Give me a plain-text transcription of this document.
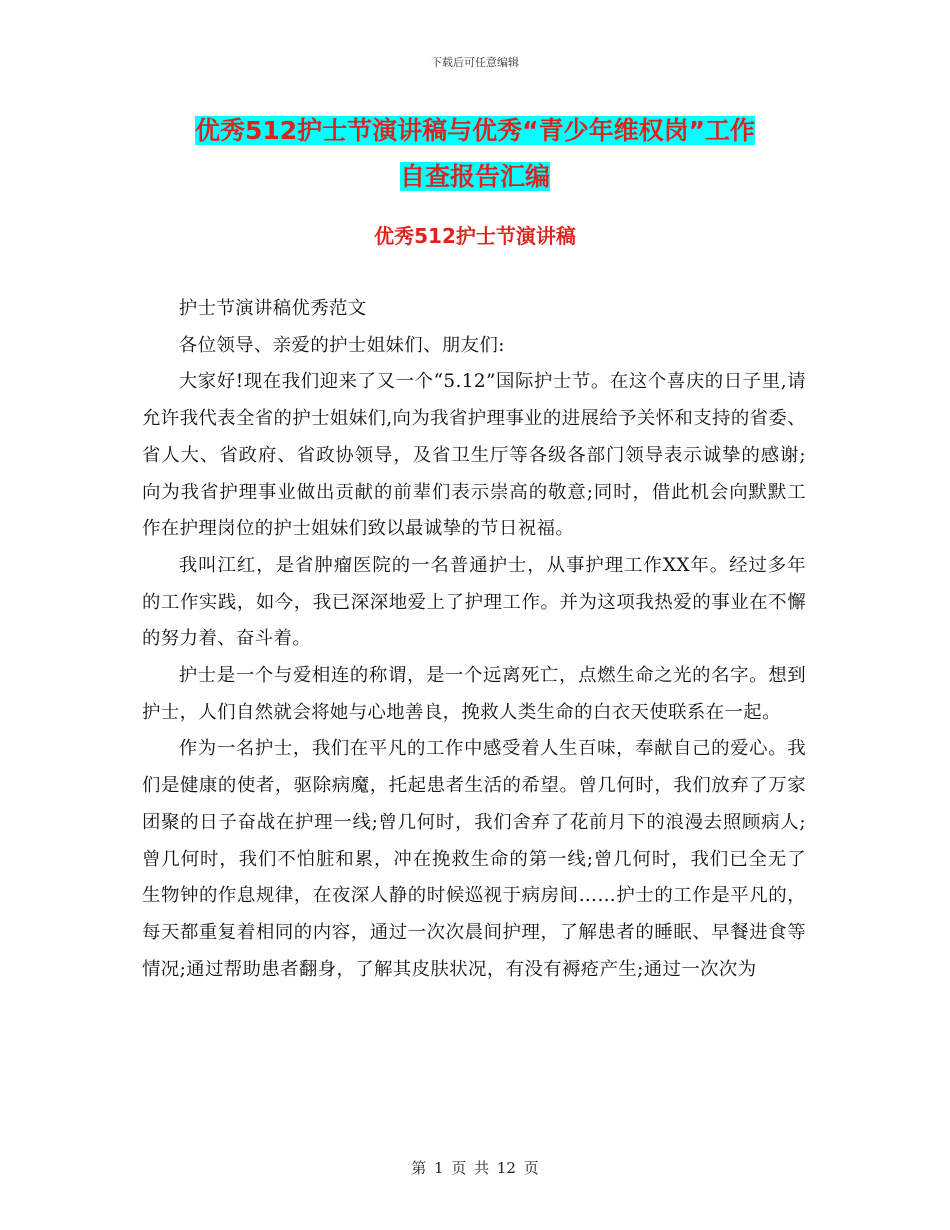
下载后可任意编辑
优秀512护士节演讲稿与优秀“青少年维权岗”工作
自查报告汇编
优秀512护士节演讲稿

护士节演讲稿优秀范文

各位领导、亲爱的护士姐妹们、朋友们:

大家好!现在我们迎来了又一个“5.12”国际护士节。在这个喜庆的日子里,请允许我代表全省的护士姐妹们,向为我省护理事业的进展给予关怀和支持的省委、省人大、省政府、省政协领导，及省卫生厅等各级各部门领导表示诚挚的感谢;向为我省护理事业做出贡献的前辈们表示崇高的敬意;同时，借此机会向默默工作在护理岗位的护士姐妹们致以最诚挚的节日祝福。

我叫江红，是省肿瘤医院的一名普通护士，从事护理工作XX年。经过多年的工作实践，如今，我已深深地爱上了护理工作。并为这项我热爱的事业在不懈的努力着、奋斗着。

护士是一个与爱相连的称谓，是一个远离死亡，点燃生命之光的名字。想到护士，人们自然就会将她与心地善良，挽救人类生命的白衣天使联系在一起。

作为一名护士，我们在平凡的工作中感受着人生百味，奉献自己的爱心。我们是健康的使者，驱除病魔，托起患者生活的希望。曾几何时，我们放弃了万家团聚的日子奋战在护理一线;曾几何时，我们舍弃了花前月下的浪漫去照顾病人;曾几何时，我们不怕脏和累，冲在挽救生命的第一线;曾几何时，我们已全无了生物钟的作息规律，在夜深人静的时候巡视于病房间……护士的工作是平凡的，每天都重复着相同的内容，通过一次次晨间护理，了解患者的睡眠、早餐进食等情况;通过帮助患者翻身，了解其皮肤状况，有没有褥疮产生;通过一次次为

第 1 页 共 12 页
